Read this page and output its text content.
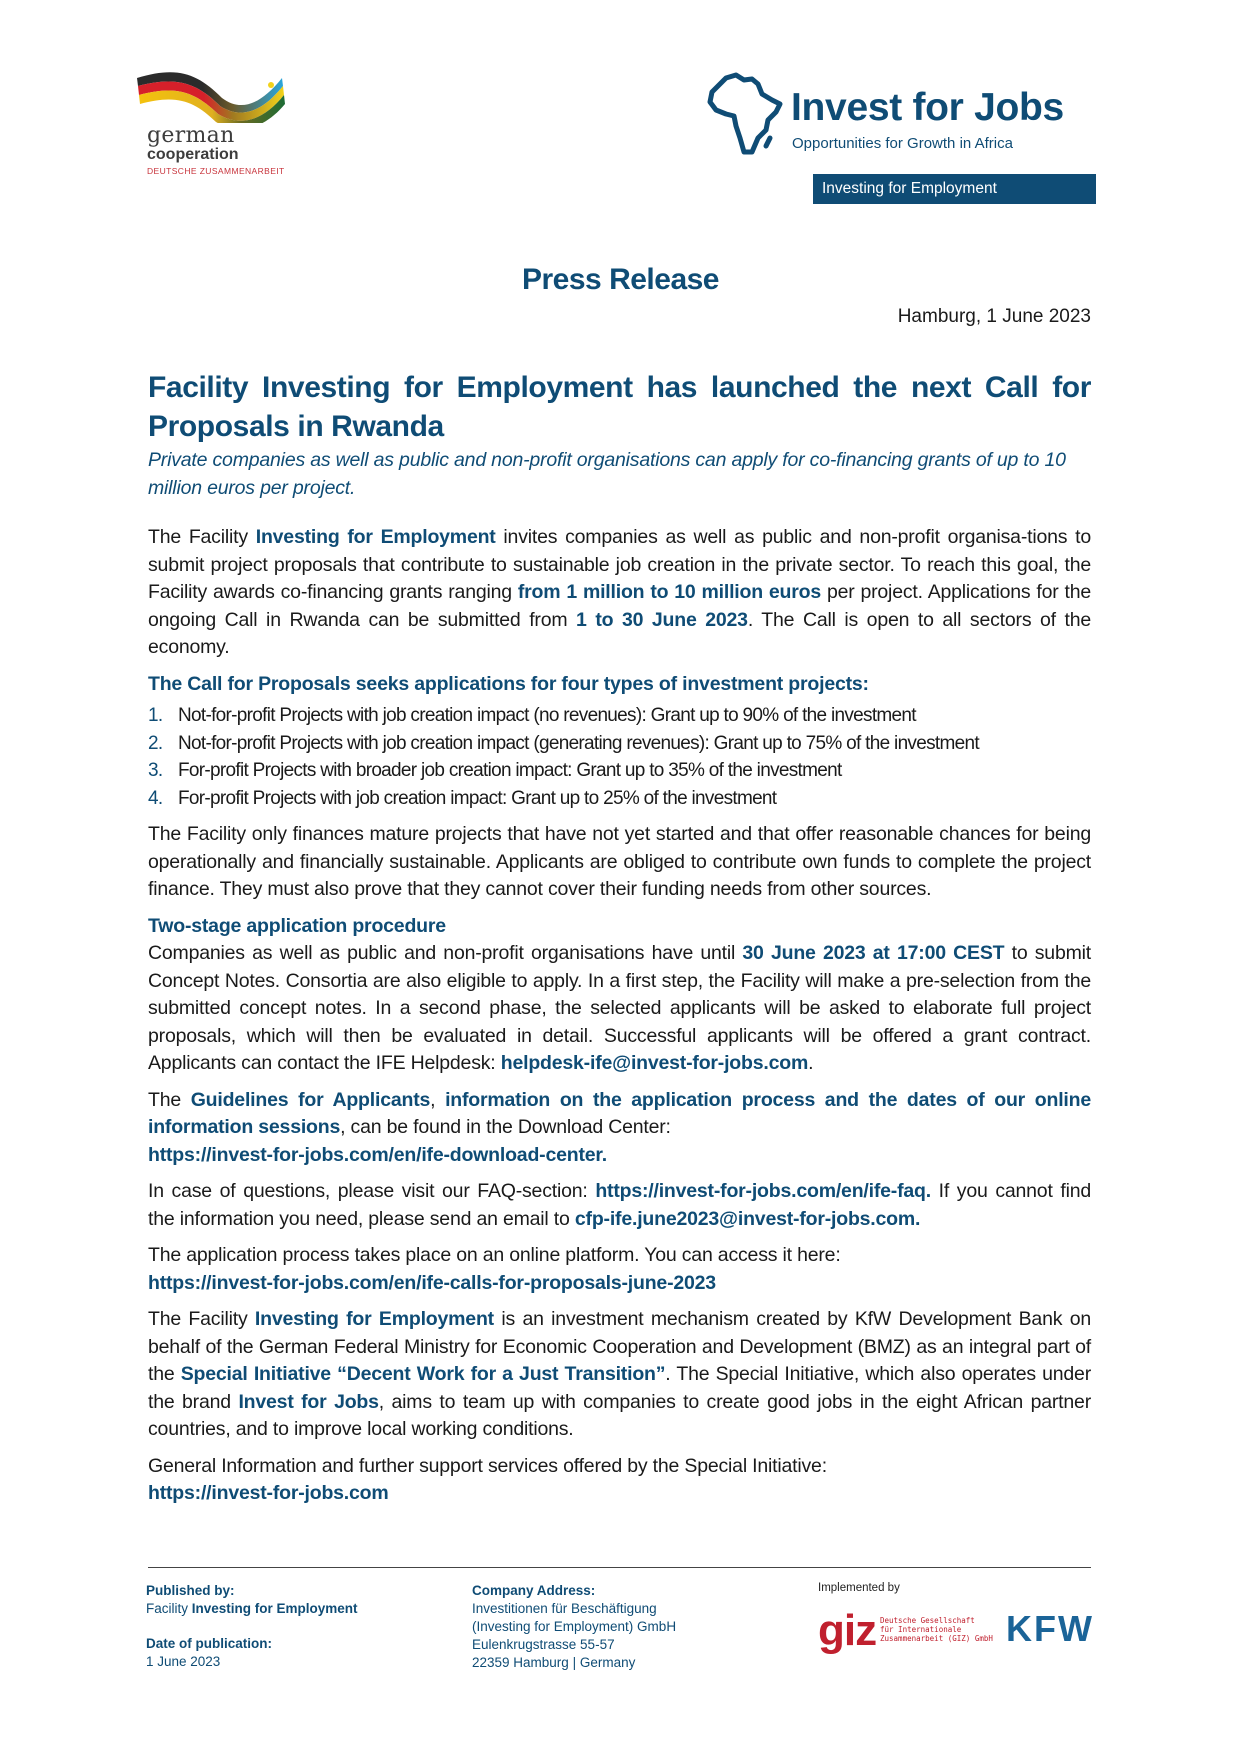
german
cooperation
DEUTSCHE ZUSAMMENARBEIT
Invest for Jobs
Opportunities for Growth in Africa
Investing for Employment
Press Release
Hamburg, 1 June 2023
Facility Investing for Employment has launched the next Call for Proposals in Rwanda
Private companies as well as public and non-profit organisations can apply for co-financing grants of up to 10 million euros per project.

The Facility Investing for Employment invites companies as well as public and non-profit organisa-tions to submit project proposals that contribute to sustainable job creation in the private sector. To reach this goal, the Facility awards co-financing grants ranging from 1 million to 10 million euros per project. Applications for the ongoing Call in Rwanda can be submitted from 1 to 30 June 2023. The Call is open to all sectors of the economy.

The Call for Proposals seeks applications for four types of investment projects:
1. Not-for-profit Projects with job creation impact (no revenues): Grant up to 90% of the investment
2. Not-for-profit Projects with job creation impact (generating revenues): Grant up to 75% of the investment
3. For-profit Projects with broader job creation impact: Grant up to 35% of the investment
4. For-profit Projects with job creation impact: Grant up to 25% of the investment

The Facility only finances mature projects that have not yet started and that offer reasonable chances for being operationally and financially sustainable. Applicants are obliged to contribute own funds to complete the project finance. They must also prove that they cannot cover their funding needs from other sources.

Two-stage application procedure

Companies as well as public and non-profit organisations have until 30 June 2023 at 17:00 CEST to submit Concept Notes. Consortia are also eligible to apply. In a first step, the Facility will make a pre-selection from the submitted concept notes. In a second phase, the selected applicants will be asked to elaborate full project proposals, which will then be evaluated in detail. Successful applicants will be offered a grant contract. Applicants can contact the IFE Helpdesk: helpdesk-ife@invest-for-jobs.com.

The Guidelines for Applicants, information on the application process and the dates of our online information sessions, can be found in the Download Center:
https://invest-for-jobs.com/en/ife-download-center.

In case of questions, please visit our FAQ-section: https://invest-for-jobs.com/en/ife-faq. If you cannot find the information you need, please send an email to cfp-ife.june2023@invest-for-jobs.com.

The application process takes place on an online platform. You can access it here:
https://invest-for-jobs.com/en/ife-calls-for-proposals-june-2023

The Facility Investing for Employment is an investment mechanism created by KfW Development Bank on behalf of the German Federal Ministry for Economic Cooperation and Development (BMZ) as an integral part of the Special Initiative “Decent Work for a Just Transition”. The Special Initiative, which also operates under the brand Invest for Jobs, aims to team up with companies to create good jobs in the eight African partner countries, and to improve local working conditions.

General Information and further support services offered by the Special Initiative:
https://invest-for-jobs.com

Published by:
Facility Investing for Employment
Date of publication:
1 June 2023
Company Address:
Investitionen für Beschäftigung
(Investing for Employment) GmbH
Eulenkrugstrasse 55-57
22359 Hamburg | Germany
Implemented by
giz Deutsche Gesellschaft
für Internationale
Zusammenarbeit (GIZ) GmbH KFW
